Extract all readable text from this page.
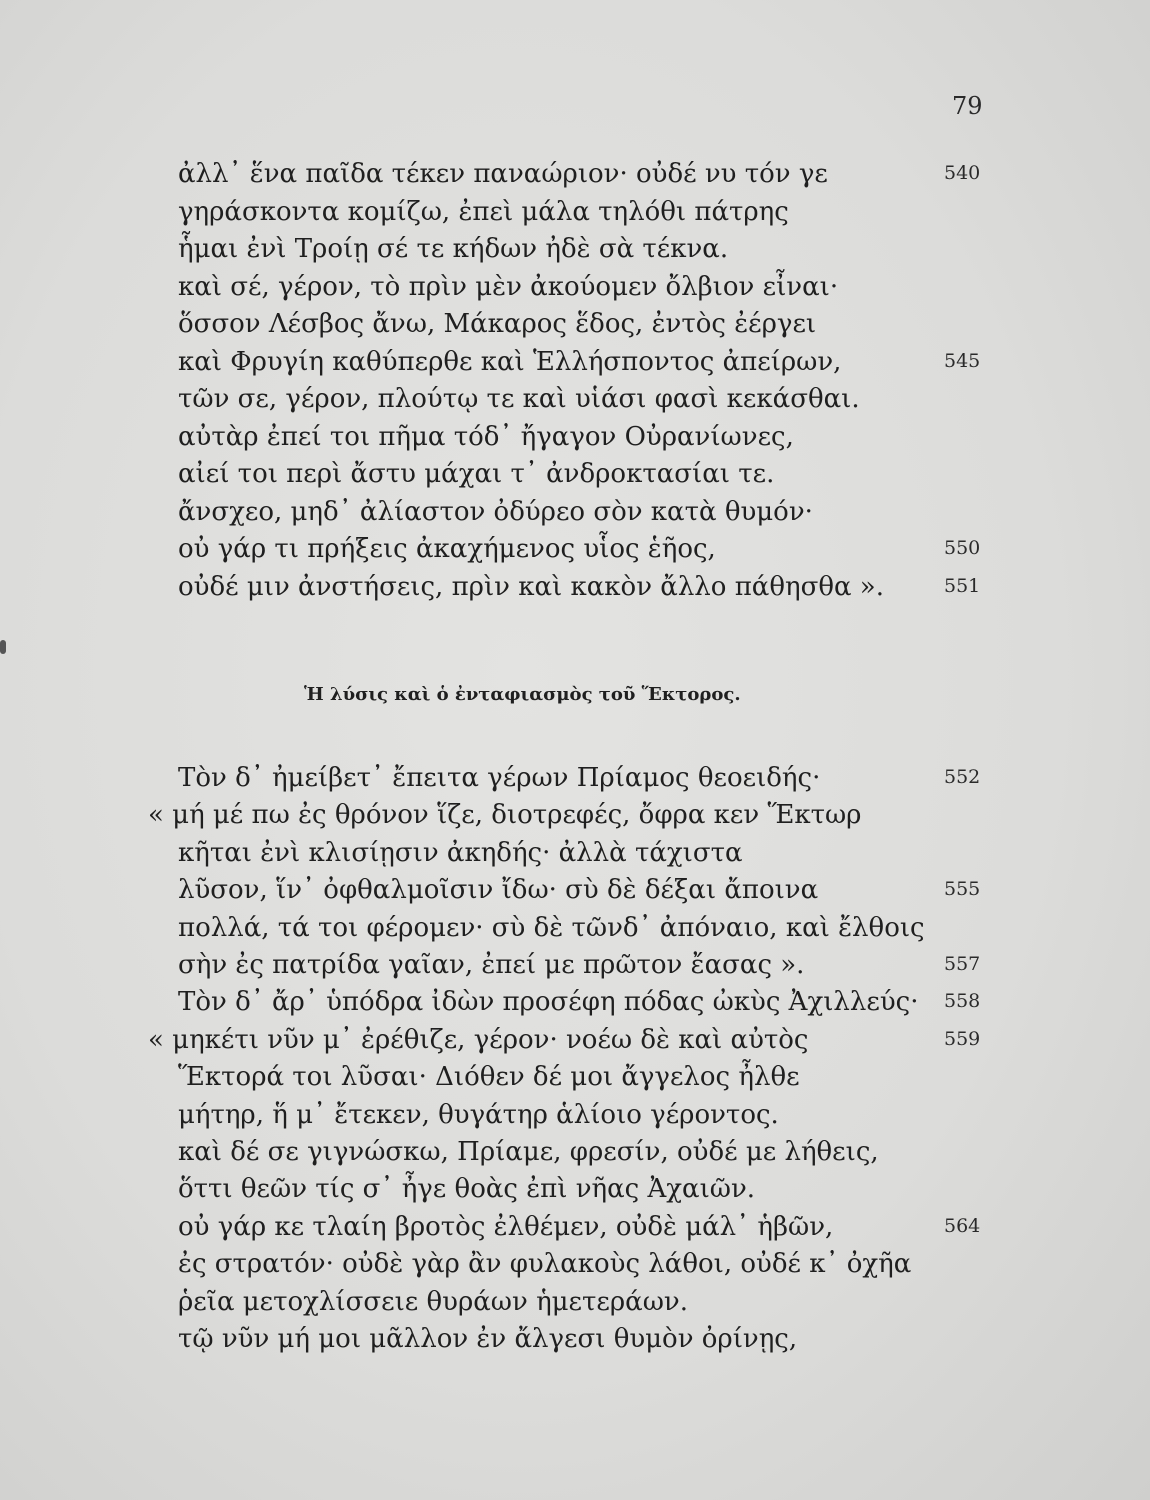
79
ἀλλ᾽ ἕνα παῖδα τέκεν παναώριον· οὐδέ νυ τόν γε	540
γηράσκοντα κομίζω, ἐπεὶ μάλα τηλόθι πάτρης
ἧμαι ἐνὶ Τροίῃ σέ τε κήδων ἠδὲ σὰ τέκνα.
καὶ σέ, γέρον, τὸ πρὶν μὲν ἀκούομεν ὄλβιον εἶναι·
ὅσσον Λέσβος ἄνω, Μάκαρος ἕδος, ἐντὸς ἐέργει
καὶ Φρυγίη καθύπερθε καὶ Ἑλλήσποντος ἀπείρων,	545
τῶν σε, γέρον, πλούτῳ τε καὶ υἱάσι φασὶ κεκάσθαι.
αὐτὰρ ἐπεί τοι πῆμα τόδ᾽ ἤγαγον Οὐρανίωνες,
αἰεί τοι περὶ ἄστυ μάχαι τ᾽ ἀνδροκτασίαι τε.
ἄνσχεο, μηδ᾽ ἀλίαστον ὀδύρεο σὸν κατὰ θυμόν·
οὐ γάρ τι πρήξεις ἀκαχήμενος υἷος ἑῆος,	550
οὐδέ μιν ἀνστήσεις, πρὶν καὶ κακὸν ἄλλο πάθησθα ».	551
Ἡ λύσις καὶ ὁ ἐνταφιασμὸς τοῦ Ἕκτορος.
Τὸν δ᾽ ἠμείβετ᾽ ἔπειτα γέρων Πρίαμος θεοειδής·	552
« μή μέ πω ἐς θρόνον ἵζε, διοτρεφές, ὄφρα κεν Ἕκτωρ
κῆται ἐνὶ κλισίῃσιν ἀκηδής· ἀλλὰ τάχιστα
λῦσον, ἵν᾽ ὀφθαλμοῖσιν ἴδω· σὺ δὲ δέξαι ἄποινα	555
πολλά, τά τοι φέρομεν· σὺ δὲ τῶνδ᾽ ἀπόναιο, καὶ ἔλθοις
σὴν ἐς πατρίδα γαῖαν, ἐπεί με πρῶτον ἔασας ».	557
Τὸν δ᾽ ἄρ᾽ ὑπόδρα ἰδὼν προσέφη πόδας ὠκὺς Ἀχιλλεύς· 558
« μηκέτι νῦν μ᾽ ἐρέθιζε, γέρον· νοέω δὲ καὶ αὐτὸς	559
Ἕκτορά τοι λῦσαι· Διόθεν δέ μοι ἄγγελος ἦλθε
μήτηρ, ἥ μ᾽ ἔτεκεν, θυγάτηρ ἁλίοιο γέροντος.
καὶ δέ σε γιγνώσκω, Πρίαμε, φρεσίν, οὐδέ με λήθεις,
ὅττι θεῶν τίς σ᾽ ἦγε θοὰς ἐπὶ νῆας Ἀχαιῶν.
οὐ γάρ κε τλαίη βροτὸς ἐλθέμεν, οὐδὲ μάλ᾽ ἡβῶν,	564
ἐς στρατόν· οὐδὲ γὰρ ἂν φυλακοὺς λάθοι, οὐδέ κ᾽ ὀχῆα
ῥεῖα μετοχλίσσειε θυράων ἡμετεράων.
τῷ νῦν μή μοι μᾶλλον ἐν ἄλγεσι θυμὸν ὀρίνῃς,
